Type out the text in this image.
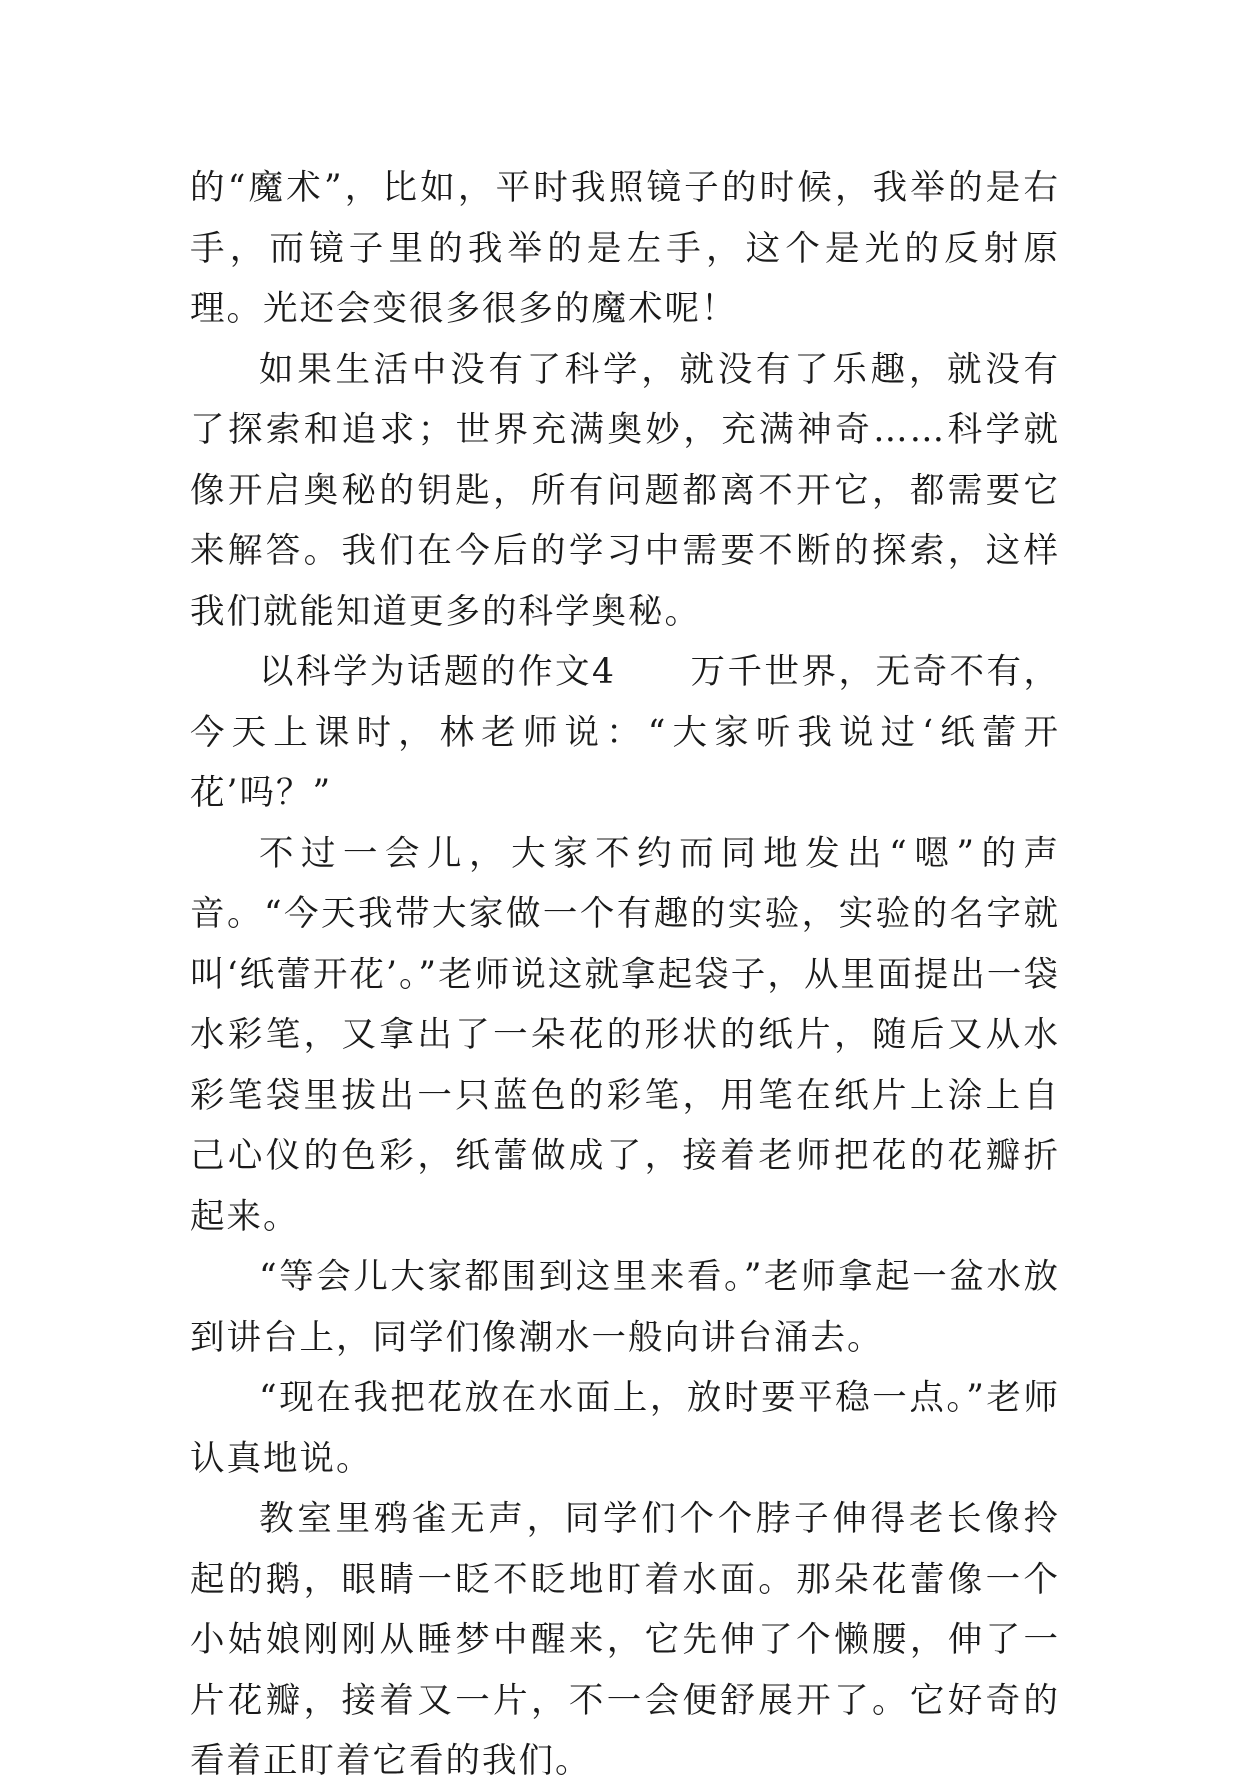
的“魔术”，比如，平时我照镜子的时候，我举的是右手，而镜子里的我举的是左手，这个是光的反射原理。光还会变很多很多的魔术呢！

如果生活中没有了科学，就没有了乐趣，就没有了探索和追求；世界充满奥妙，充满神奇……科学就像开启奥秘的钥匙，所有问题都离不开它，都需要它来解答。我们在今后的学习中需要不断的探索，这样我们就能知道更多的科学奥秘。

以科学为话题的作文4　　万千世界，无奇不有，今天上课时，林老师说：“大家听我说过‘纸蕾开花’吗？”

不过一会儿，大家不约而同地发出“嗯”的声音。“今天我带大家做一个有趣的实验，实验的名字就叫‘纸蕾开花’。”老师说这就拿起袋子，从里面提出一袋水彩笔，又拿出了一朵花的形状的纸片，随后又从水彩笔袋里拔出一只蓝色的彩笔，用笔在纸片上涂上自己心仪的色彩，纸蕾做成了，接着老师把花的花瓣折起来。

“等会儿大家都围到这里来看。”老师拿起一盆水放到讲台上，同学们像潮水一般向讲台涌去。

“现在我把花放在水面上，放时要平稳一点。”老师认真地说。

教室里鸦雀无声，同学们个个脖子伸得老长像拎起的鹅，眼睛一眨不眨地盯着水面。那朵花蕾像一个小姑娘刚刚从睡梦中醒来，它先伸了个懒腰，伸了一片花瓣，接着又一片，不一会便舒展开了。它好奇的看着正盯着它看的我们。
